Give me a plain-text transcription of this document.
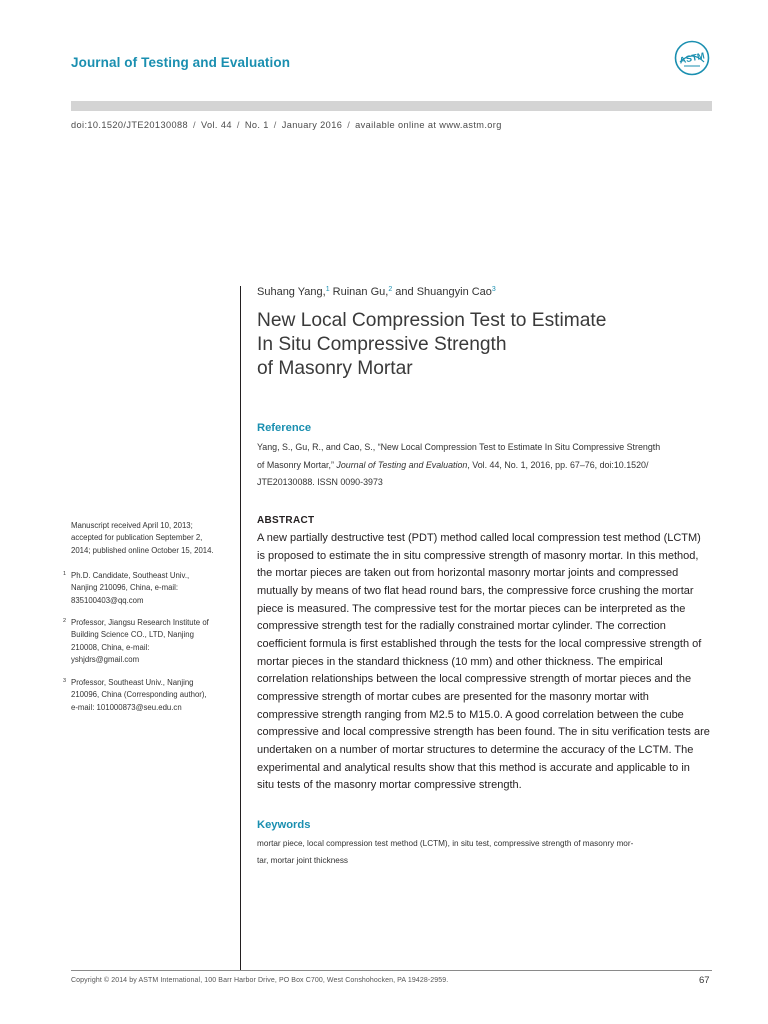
Journal of Testing and Evaluation	ASTM
doi:10.1520/JTE20130088 / Vol. 44 / No. 1 / January 2016 / available online at www.astm.org
Suhang Yang,$^1$ Ruinan Gu,$^2$ and Shuangyin Cao$^3$
New Local Compression Test to Estimate
In Situ Compressive Strength
of Masonry Mortar
Reference
Yang, S., Gu, R., and Cao, S., “New Local Compression Test to Estimate In Situ Compressive Strength
of Masonry Mortar,” Journal of Testing and Evaluation, Vol. 44, No. 1, 2016, pp. 67–76, doi:10.1520/
JTE20130088. ISSN 0090-3973
ABSTRACT
A new partially destructive test (PDT) method called local compression test method (LCTM)
is proposed to estimate the in situ compressive strength of masonry mortar. In this method,
the mortar pieces are taken out from horizontal masonry mortar joints and compressed
mutually by means of two flat head round bars, the compressive force crushing the mortar
piece is measured. The compressive test for the mortar pieces can be interpreted as the
compressive strength test for the radially constrained mortar cylinder. The correction
coefficient formula is first established through the tests for the local compressive strength of
mortar pieces in the standard thickness (10 mm) and other thickness. The empirical
correlation relationships between the local compressive strength of mortar pieces and the
compressive strength of mortar cubes are presented for the masonry mortar with
compressive strength ranging from M2.5 to M15.0. A good correlation between the cube
compressive and local compressive strength has been found. The in situ verification tests are
undertaken on a number of mortar structures to determine the accuracy of the LCTM. The
experimental and analytical results show that this method is accurate and applicable to in
situ tests of the masonry mortar compressive strength.
Keywords
mortar piece, local compression test method (LCTM), in situ test, compressive strength of masonry mor-
tar, mortar joint thickness
Manuscript received April 10, 2013;
accepted for publication September 2,
2014; published online October 15, 2014.
1 Ph.D. Candidate, Southeast Univ.,
Nanjing 210096, China, e-mail:
835100403@qq.com
2 Professor, Jiangsu Research Institute of
Building Science CO., LTD, Nanjing
210008, China, e-mail:
yshjdrs@gmail.com
3 Professor, Southeast Univ., Nanjing
210096, China (Corresponding author),
e-mail: 101000873@seu.edu.cn
Copyright © 2014 by ASTM International, 100 Barr Harbor Drive, PO Box C700, West Conshohocken, PA 19428-2959.	67
